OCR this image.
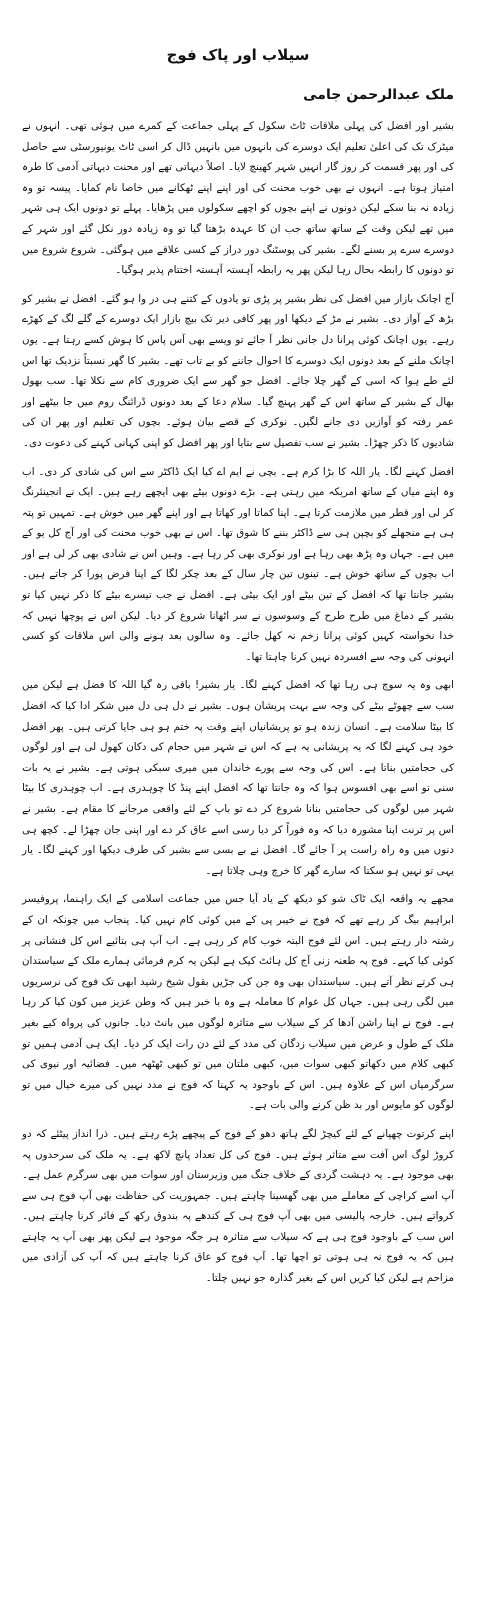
سیلاب اور پاک فوج
ملک عبدالرحمن جامی

بشیر اور افضل کی پہلی ملاقات ٹاٹ سکول کے پہلی جماعت کے کمرے میں ہوئی تھی۔ انہوں نے میٹرک تک کی اعلیٰ تعلیم ایک دوسرے کی بانہوں میں بانہیں ڈال کر اسی ٹاٹ یونیورسٹی سے حاصل کی اور پھر قسمت کر روز گار انہیں شہر کھینچ لایا۔ اصلاً دیہاتی تھے اور محنت دیہاتی آدمی کا طرہ امتیاز ہوتا ہے۔ انہوں نے بھی خوب محنت کی اور اپنے اپنے ٹھکانے میں خاصا نام کمایا۔ پیسہ تو وہ زیادہ نہ بنا سکے لیکن دونوں نے اپنے بچوں کو اچھے سکولوں میں پڑھایا۔ پہلے تو دونوں ایک ہی شہر میں تھے لیکن وقت کے ساتھ ساتھ جب ان کا عہدہ بڑھتا گیا تو وہ زیادہ دور نکل گئے اور شہر کے دوسرے سرے پر بسنے لگے۔ بشیر کی پوسٹنگ دور دراز کے کسی علاقے میں ہوگئی۔ شروع شروع میں تو دونوں کا رابطہ بحال رہا لیکن پھر یہ رابطہ آہستہ آہستہ اختتام پذیر ہوگیا۔

آج اچانک بازار میں افضل کی نظر بشیر پر پڑی تو یادوں کے کتنے ہی در وا ہو گئے۔ افضل نے بشیر کو بڑھ کے آواز دی۔ بشیر نے مڑ کے دیکھا اور پھر کافی دیر تک بیچ بازار ایک دوسرے کے گلے لگ کے کھڑے رہے۔ یوں اچانک کوئی پرانا دل جانی نظر آ جائے تو ویسے بھی آس پاس کا ہوش کسے رہتا ہے۔ یوں اچانک ملنے کے بعد دونوں ایک دوسرے کا احوال جاننے کو بے تاب تھے۔ بشیر کا گھر نسبتاً نزدیک تھا اس لئے طے ہوا کہ اسی کے گھر چلا جائے۔ افضل جو گھر سے ایک ضروری کام سے نکلا تھا۔ سب بھول بھال کے بشیر کے ساتھ اس کے گھر پہنچ گیا۔ سلام دعا کے بعد دونوں ڈرائنگ روم میں جا بیٹھے اور عمر رفتہ کو آوازیں دی جانے لگیں۔ نوکری کے قصے بیان ہوئے۔ بچوں کی تعلیم اور پھر ان کی شادیوں کا ذکر چھڑا۔ بشیر نے سب تفصیل سے بتایا اور پھر افضل کو اپنی کہانی کہنے کی دعوت دی۔

افضل کہنے لگا۔ یار اللہ کا بڑا کرم ہے۔ بچی نے ایم اے کیا ایک ڈاکٹر سے اس کی شادی کر دی۔ اب وہ اپنے میاں کے ساتھ امریکہ میں رہتی ہے۔ بڑے دونوں بیٹے بھی ایچھے رہے ہیں۔ ایک نے انجینئرنگ کر لی اور قطر میں ملازمت کرتا ہے۔ اپنا کماتا اور کھاتا ہے اور اپنے گھر میں خوش ہے۔ تمہیں تو پتہ ہی ہے منجھلے کو بچپن ہی سے ڈاکٹر بننے کا شوق تھا۔ اس نے بھی خوب محنت کی اور آج کل یو کے میں ہے۔ جہاں وہ پڑھ بھی رہا ہے اور نوکری بھی کر رہا ہے۔ وہیں اس نے شادی بھی کر لی ہے اور اب بچوں کے ساتھ خوش ہے۔ تینوں تین چار سال کے بعد چکر لگا کے اپنا فرض پورا کر جاتے ہیں۔ بشیر جانتا تھا کہ افضل کے تین بیٹے اور ایک بیٹی ہے۔ افضل نے جب تیسرے بیٹے کا ذکر نہیں کیا تو بشیر کے دماغ میں طرح طرح کے وسوسوں نے سر اٹھانا شروع کر دیا۔ لیکن اس نے پوچھا نہیں کہ خدا نخواستہ کہیں کوئی پرانا زخم نہ کھل جائے۔ وہ سالوں بعد ہونے والی اس ملاقات کو کسی انہونی کی وجہ سے افسردہ نہیں کرنا چاہتا تھا۔

ابھی وہ یہ سوچ ہی رہا تھا کہ افضل کہنے لگا۔ یار بشیر! باقی رہ گیا اللہ کا فضل ہے لیکن میں سب سے چھوٹے بیٹے کی وجہ سے بہت پریشان ہوں۔ بشیر نے دل ہی دل میں شکر ادا کیا کہ افضل کا بیٹا سلامت ہے۔ انسان زندہ ہو تو پریشانیاں اپنے وقت پہ ختم ہو ہی جایا کرتی ہیں۔ پھر افضل خود ہی کہنے لگا کہ یہ پریشانی یہ ہے کہ اس نے شہر میں حجام کی دکان کھول لی ہے اور لوگوں کی حجامتیں بناتا ہے۔ اس کی وجہ سے پورے خاندان میں میری سبکی ہوتی ہے۔ بشیر نے یہ بات سنی تو اسے بھی افسوس ہوا کہ وہ جانتا تھا کہ افضل اپنے پنڈ کا چوہدری ہے۔ اب چوہدری کا بیٹا شہر میں لوگوں کی حجامتیں بنانا شروع کر دے تو باپ کے لئے واقعی مرجانے کا مقام ہے۔ بشیر نے اس پر ترنت اپنا مشورہ دیا کہ وہ فوراً کر دیا رسی اسے عاق کر دے اور اپنی جان چھڑا لے۔ کچھ ہی دنوں میں وہ راہ راست پر آ جائے گا۔ افضل نے بے بسی سے بشیر کی طرف دیکھا اور کہنے لگا۔ یار یہی تو نہیں ہو سکتا کہ سارے گھر کا خرچ وہی چلاتا ہے۔

مجھے یہ واقعہ ایک ٹاک شو کو دیکھ کے یاد آیا جس میں جماعت اسلامی کے ایک راہنما، پروفیسر ابراہیم بیگ کر رہے تھے کہ فوج نے خیبر پی کے میں کوئی کام نہیں کیا۔ پنجاب میں چونکہ ان کے رشتہ دار رہتے ہیں۔ اس لئے فوج البتہ خوب کام کر رہی ہے۔ اب آپ ہی بتائیے اس کل فنشانی پر کوئی کیا کہے۔ فوج پہ طعنہ زنی آج کل ہائٹ کیک ہے لیکن یہ کرم فرمائی ہمارے ملک کے سیاستدان ہی کرتے نظر آتے ہیں۔ سیاستدان بھی وہ جن کی جڑیں بقول شیخ رشید ابھی تک فوج کی نرسریوں میں لگی رہی ہیں۔ جہاں کل عوام کا معاملہ ہے وہ با خبر ہیں کہ وطن عزیز میں کون کیا کر رہا ہے۔ فوج نے اپنا راشن آدھا کر کے سیلاب سے متاثرہ لوگوں میں بانٹ دیا۔ جانوں کی پرواہ کیے بغیر ملک کے طول و عرض میں سیلاب زدگان کی مدد کے لئے دن رات ایک کر دیا۔ ایک ہی آدمی ہمیں تو کبھی کلام میں دکھاتو کبھی سوات میں، کبھی ملتان میں تو کبھی ٹھٹھہ میں۔ فضائیہ اور نیوی کی سرگرمیاں اس کے علاوہ ہیں۔ اس کے باوجود یہ کہنا کہ فوج نے مدد نہیں کی میرے خیال میں تو لوگوں کو مایوس اور بد ظن کرنے والی بات ہے۔

اپنے کرتوت چھپانے کے لئے کیچڑ لگے ہاتھ دھو کے فوج کے پیچھے پڑے رہتے ہیں۔ ذرا انداز پیٹئے کہ دو کروڑ لوگ اس آفت سے متاثر ہوئے ہیں۔ فوج کی کل تعداد پانچ لاکھ ہے۔ یہ ملک کی سرحدوں پہ بھی موجود ہے۔ یہ دہشت گردی کے خلاف جنگ میں وزیرستان اور سوات میں بھی سرگرم عمل ہے۔ آپ اسے کراچی کے معاملے میں بھی گھسینا چاہتے ہیں۔ جمہوریت کی حفاظت بھی آپ فوج ہی سے کرواتے ہیں۔ خارجہ پالیسی میں بھی آپ فوج ہی کے کندھے پہ بندوق رکھ کے فائر کرنا چاہتے ہیں۔ اس سب کے باوجود فوج ہی ہے کہ سیلاب سے متاثرہ ہر جگہ موجود ہے لیکن پھر بھی آپ یہ چاہتے ہیں کہ یہ فوج نہ ہی ہوتی تو اچھا تھا۔ آپ فوج کو عاق کرنا چاہتے ہیں کہ آپ کی آزادی میں مزاحم ہے لیکن کیا کریں اس کے بغیر گذارہ جو نہیں چلتا۔
